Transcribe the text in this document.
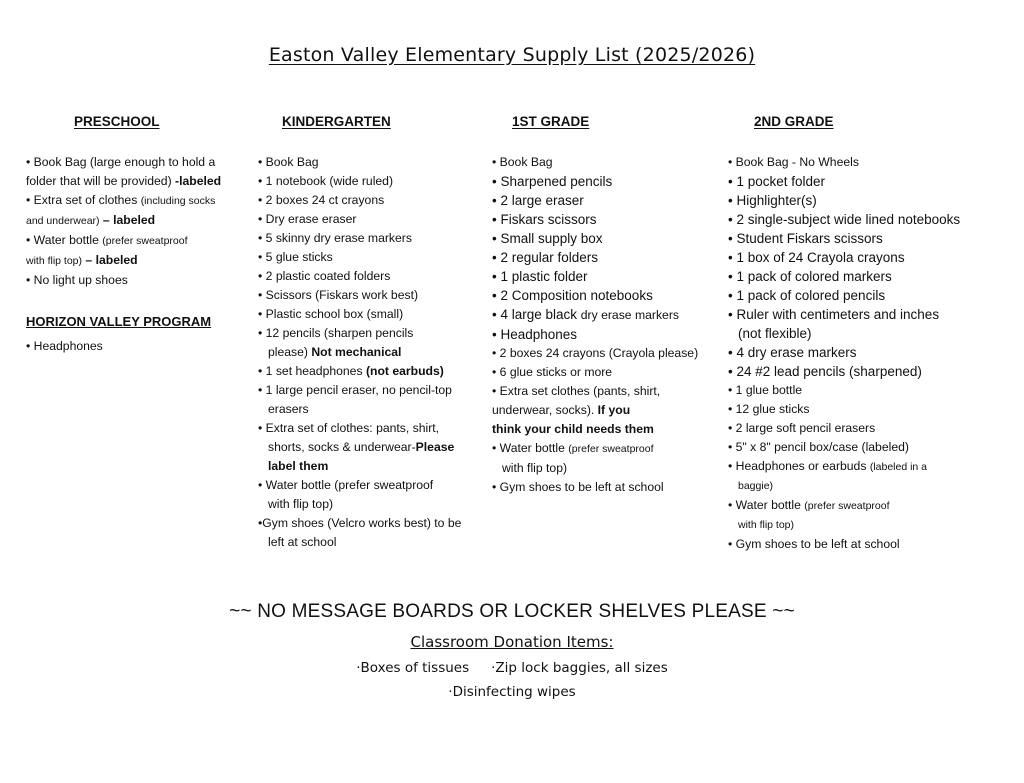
Easton Valley Elementary Supply List (2025/2026)
PRESCHOOL
• Book Bag (large enough to hold a
folder that will be provided) -labeled
• Extra set of clothes (including socks
and underwear) – labeled
• Water bottle (prefer sweatproof
with flip top) – labeled
• No light up shoes
HORIZON VALLEY PROGRAM
• Headphones
KINDERGARTEN
• Book Bag
• 1 notebook (wide ruled)
• 2 boxes 24 ct crayons
• Dry erase eraser
• 5 skinny dry erase markers
• 5 glue sticks
• 2 plastic coated folders
• Scissors (Fiskars work best)
• Plastic school box (small)
• 12 pencils (sharpen pencils
please) Not mechanical
• 1 set headphones (not earbuds)
• 1 large pencil eraser, no pencil-top
erasers
• Extra set of clothes: pants, shirt,
shorts, socks & underwear-Please
label them
• Water bottle (prefer sweatproof
with flip top)
•Gym shoes (Velcro works best) to be
left at school
1ST GRADE
• Book Bag
• Sharpened pencils
• 2 large eraser
• Fiskars scissors
• Small supply box
• 2 regular folders
• 1 plastic folder
• 2 Composition notebooks
• 4 large black dry erase markers
• Headphones
• 2 boxes 24 crayons (Crayola please)
• 6 glue sticks or more
• Extra set clothes (pants, shirt,
underwear, socks). If you
think your child needs them
• Water bottle (prefer sweatproof
with flip top)
• Gym shoes to be left at school
2ND GRADE
• Book Bag - No Wheels
• 1 pocket folder
• Highlighter(s)
• 2 single-subject wide lined notebooks
• Student Fiskars scissors
• 1 box of 24 Crayola crayons
• 1 pack of colored markers
• 1 pack of colored pencils
• Ruler with centimeters and inches
(not flexible)
• 4 dry erase markers
• 24 #2 lead pencils (sharpened)
• 1 glue bottle
• 12 glue sticks
• 2 large soft pencil erasers
• 5" x 8" pencil box/case (labeled)
• Headphones or earbuds (labeled in a
baggie)
• Water bottle (prefer sweatproof
with flip top)
• Gym shoes to be left at school
~~ NO MESSAGE BOARDS OR LOCKER SHELVES PLEASE ~~
Classroom Donation Items:
·Boxes of tissues ·Zip lock baggies, all sizes
·Disinfecting wipes
